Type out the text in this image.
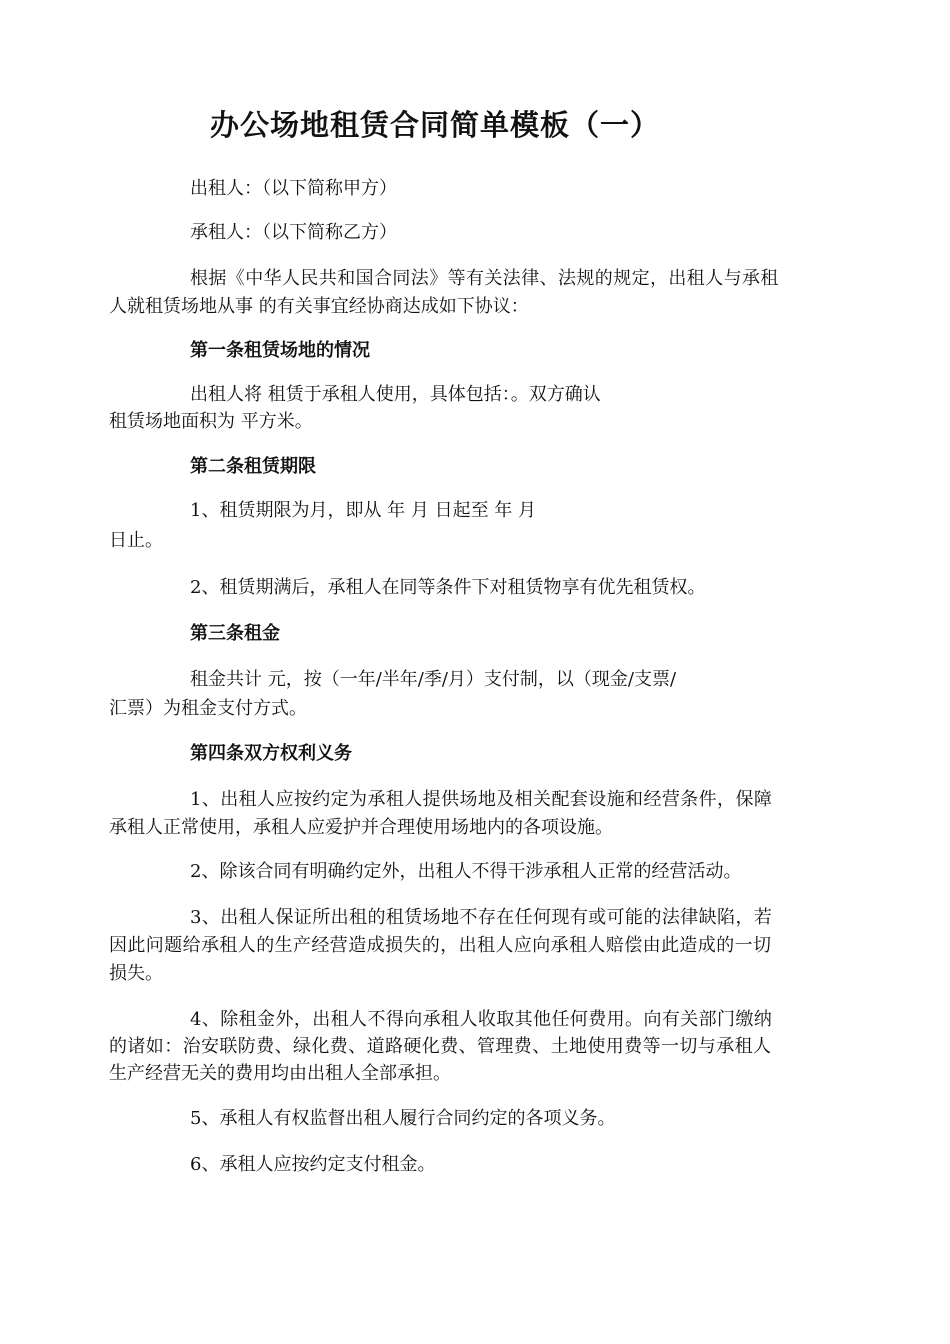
办公场地租赁合同简单模板（一）

出租人：（以下简称甲方）

承租人：（以下简称乙方）

根据《中华人民共和国合同法》等有关法律、法规的规定，出租人与承租

人就租赁场地从事 的有关事宜经协商达成如下协议：

第一条租赁场地的情况

出租人将 租赁于承租人使用，具体包括：。双方确认

租赁场地面积为 平方米。

第二条租赁期限

1、租赁期限为月，即从 年 月 日起至 年 月

日止。

2、租赁期满后，承租人在同等条件下对租赁物享有优先租赁权。

第三条租金

租金共计 元，按（一年/半年/季/月）支付制，以（现金/支票/

汇票）为租金支付方式。

第四条双方权利义务

1、出租人应按约定为承租人提供场地及相关配套设施和经营条件，保障

承租人正常使用，承租人应爱护并合理使用场地内的各项设施。

2、除该合同有明确约定外，出租人不得干涉承租人正常的经营活动。

3、出租人保证所出租的租赁场地不存在任何现有或可能的法律缺陷，若

因此问题给承租人的生产经营造成损失的，出租人应向承租人赔偿由此造成的一切

损失。

4、除租金外，出租人不得向承租人收取其他任何费用。向有关部门缴纳

的诸如：治安联防费、绿化费、道路硬化费、管理费、土地使用费等一切与承租人

生产经营无关的费用均由出租人全部承担。

5、承租人有权监督出租人履行合同约定的各项义务。

6、承租人应按约定支付租金。
